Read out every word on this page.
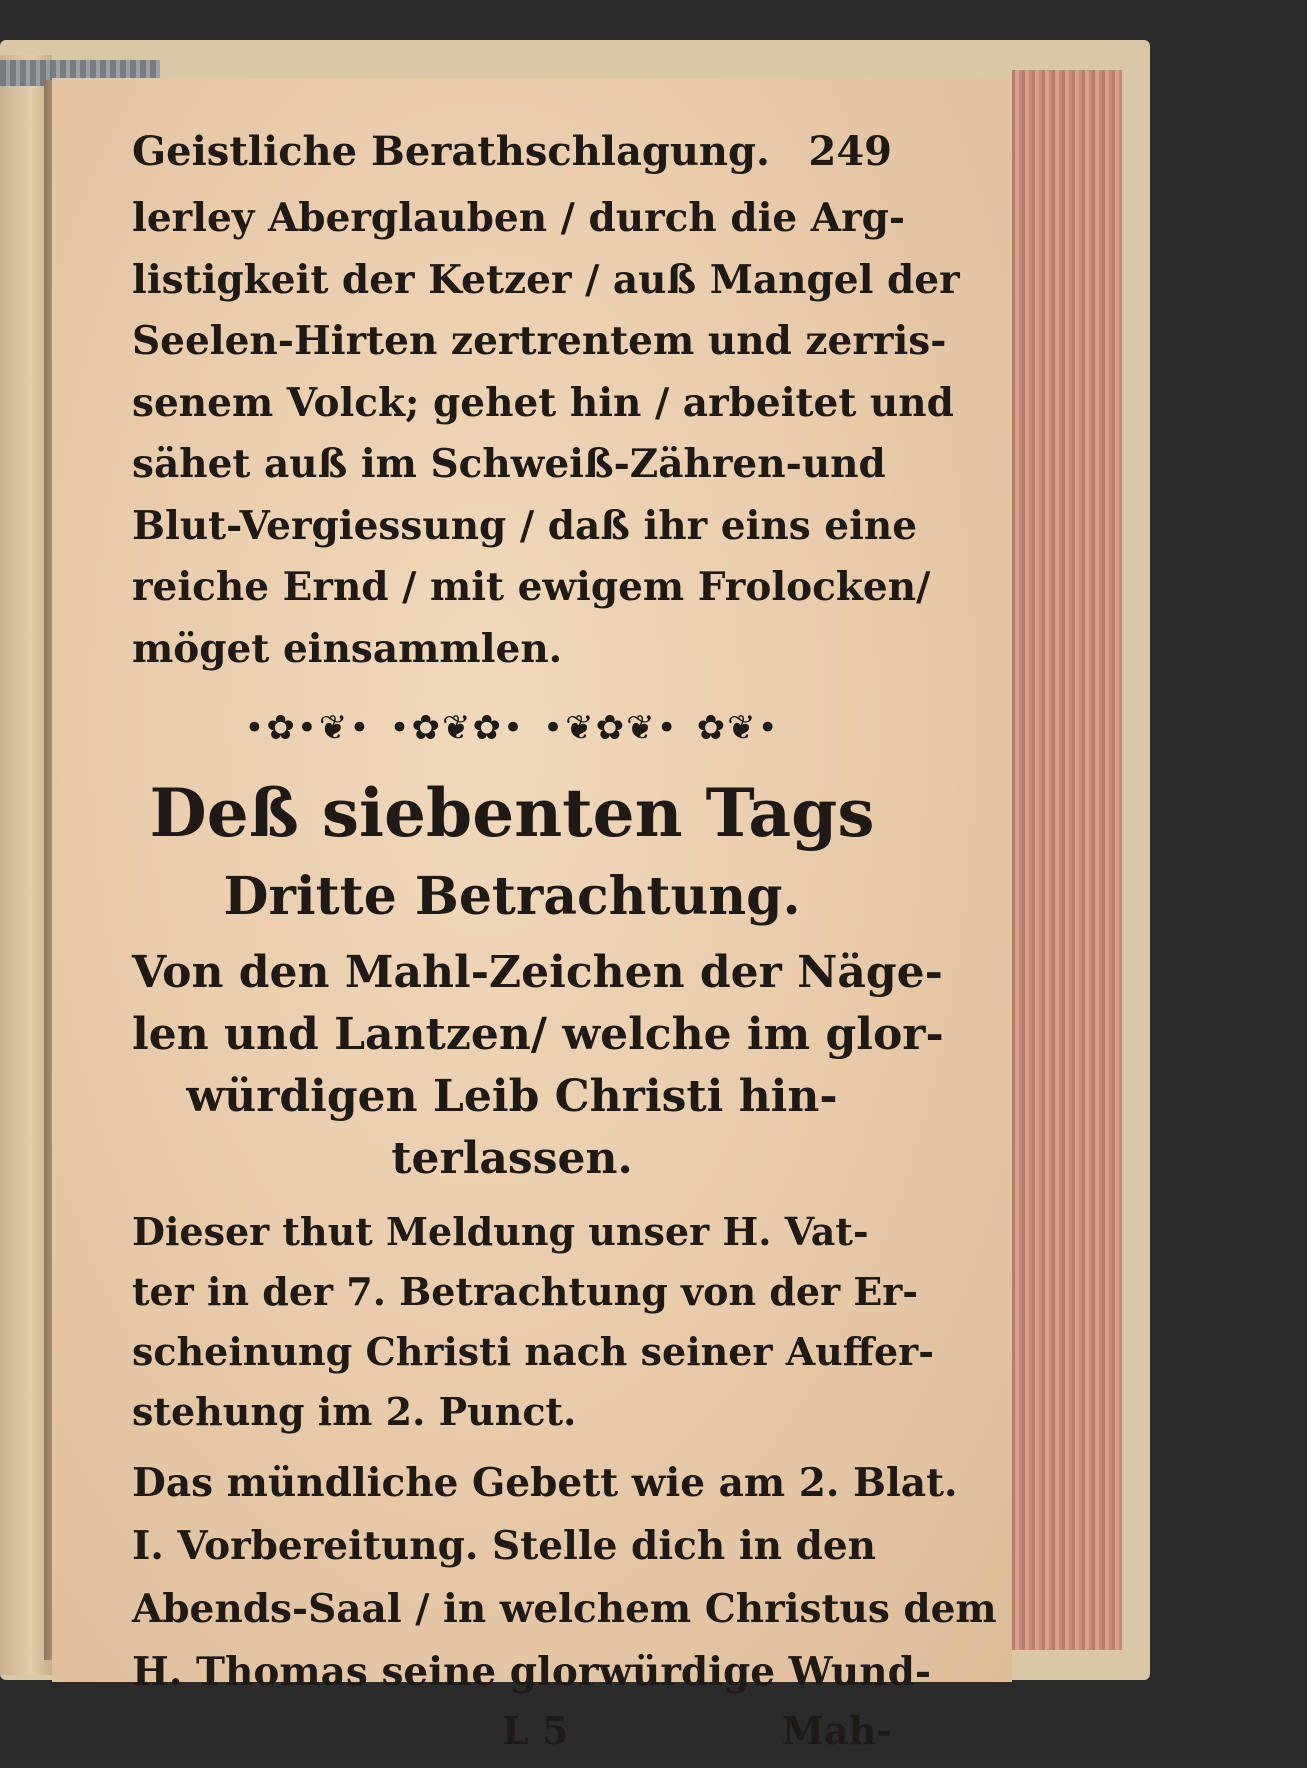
Geistliche Berathschlagung. 249
lerley Aberglauben / durch die Arg-
listigkeit der Ketzer / auß Mangel der
Seelen-Hirten zertrentem und zerris-
senem Volck; gehet hin / arbeitet und
sähet auß im Schweiß-Zähren-und
Blut-Vergiessung / daß ihr eins eine
reiche Ernd / mit ewigem Frolocken/
möget einsammlen.
•✿•❦• •✿❦✿• •❦✿❦• ✿❦•
Deß siebenten Tags
Dritte Betrachtung.
Von den Mahl-Zeichen der Näge-
len und Lantzen/ welche im glor-
würdigen Leib Christi hin-
terlassen.
Dieser thut Meldung unser H. Vat-
ter in der 7. Betrachtung von der Er-
scheinung Christi nach seiner Auffer-
stehung im 2. Punct.
Das mündliche Gebett wie am 2. Blat.
I. Vorbereitung. Stelle dich in den
Abends-Saal / in welchem Christus dem
H. Thomas seine glorwürdige Wund-
L 5	Mah-
